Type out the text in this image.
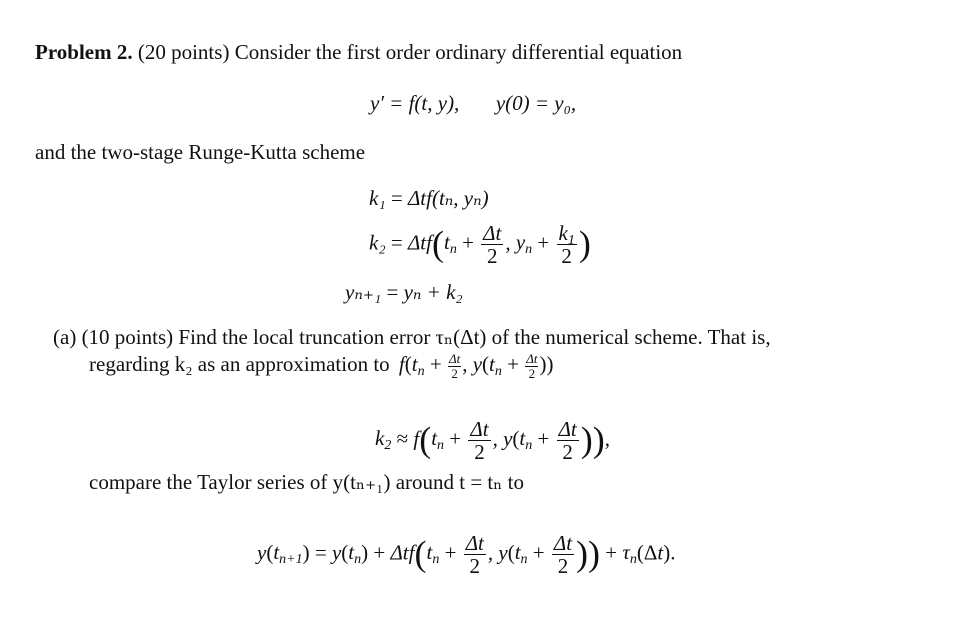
Problem 2. (20 points) Consider the first order ordinary differential equation
y′ = f(t, y), y(0) = y₀,
and the two-stage Runge-Kutta scheme
k₁ = Δtf(tₙ, yₙ)
$k_2 = \Delta tf(t_n + \frac{\Delta t}{2}$ , $y_n + \frac{k_1}{2}$ )
yₙ₊₁ = yₙ + k₂
(a) (10 points) Find the local truncation error τₙ(Δt) of the numerical scheme. That is,
regarding k₂ as an approximation to $f(t_n + \frac{\Delta t}{2}$ , $y(t_n + \frac{\Delta t}{2}$ ))
$k_2 \approx f(t_n + \frac{\Delta t}{2}$ , $y(t_n + \frac{\Delta t}{2}$ )),
compare the Taylor series of y(tₙ₊₁) around t = tₙ to
$y(t_{n+1}) = y(t_n) + \Delta tf(t_n + \frac{\Delta t}{2}$ , $y(t_n + \frac{\Delta t}{2}$ )) + $\tau_n(\Delta t)$.
